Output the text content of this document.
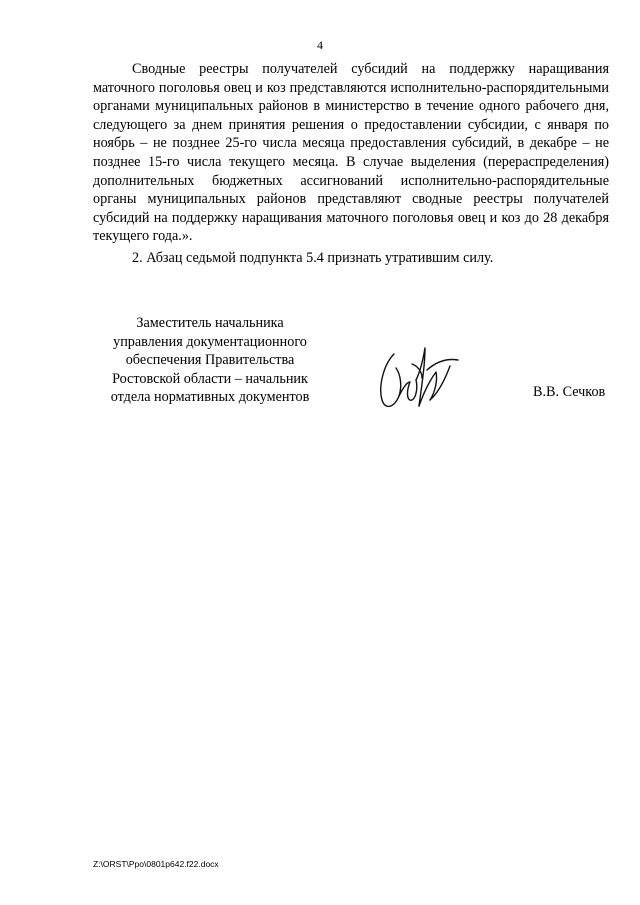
4

Сводные реестры получателей субсидий на поддержку наращивания маточного поголовья овец и коз представляются исполнительно-распорядительными органами муниципальных районов в министерство в течение одного рабочего дня, следующего за днем принятия решения о предоставлении субсидии, с января по ноябрь – не позднее 25-го числа месяца предоставления субсидий, в декабре – не позднее 15-го числа текущего месяца. В случае выделения (перераспределения) дополнительных бюджетных ассигнований исполнительно-распорядительные органы муниципальных районов представляют сводные реестры получателей субсидий на поддержку наращивания маточного поголовья овец и коз до 28 декабря текущего года.».

2. Абзац седьмой подпункта 5.4 признать утратившим силу.

Заместитель начальника
управления документационного
обеспечения Правительства
Ростовской области – начальник
отдела нормативных документов	В.В. Сечков
Z:\ORST\Ppo\0801p642.f22.docx
